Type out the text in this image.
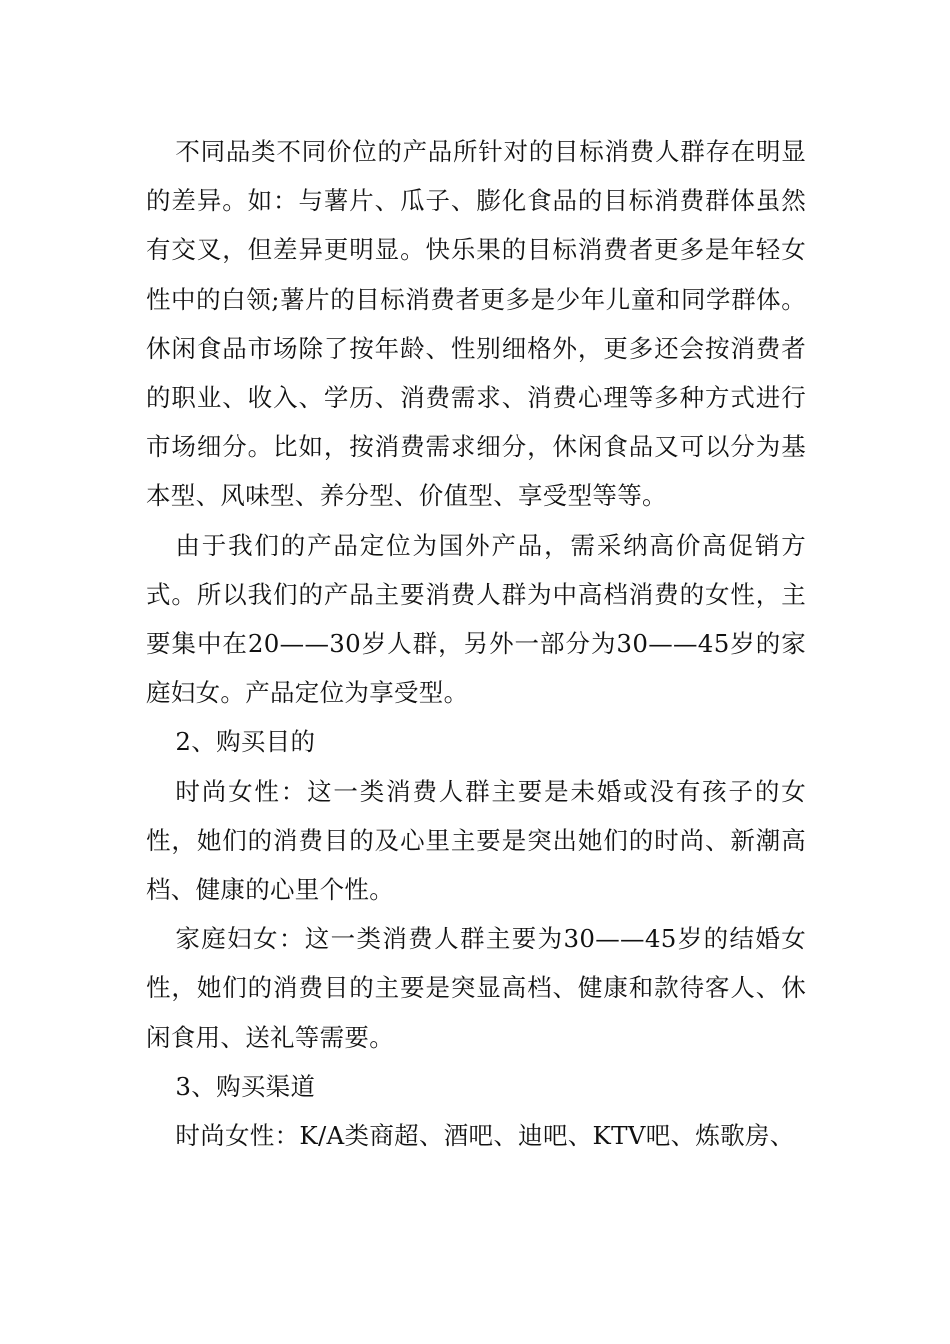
不同品类不同价位的产品所针对的目标消费人群存在明显的差异。如：与薯片、瓜子、膨化食品的目标消费群体虽然有交叉，但差异更明显。快乐果的目标消费者更多是年轻女性中的白领;薯片的目标消费者更多是少年儿童和同学群体。休闲食品市场除了按年龄、性别细格外，更多还会按消费者的职业、收入、学历、消费需求、消费心理等多种方式进行市场细分。比如，按消费需求细分，休闲食品又可以分为基本型、风味型、养分型、价值型、享受型等等。

由于我们的产品定位为国外产品，需采纳高价高促销方式。所以我们的产品主要消费人群为中高档消费的女性，主要集中在20——30岁人群，另外一部分为30——45岁的家庭妇女。产品定位为享受型。

2、购买目的

时尚女性：这一类消费人群主要是未婚或没有孩子的女性，她们的消费目的及心里主要是突出她们的时尚、新潮高档、健康的心里个性。

家庭妇女：这一类消费人群主要为30——45岁的结婚女性，她们的消费目的主要是突显高档、健康和款待客人、休闲食用、送礼等需要。

3、购买渠道

时尚女性：K/A类商超、酒吧、迪吧、KTV吧、炼歌房、
